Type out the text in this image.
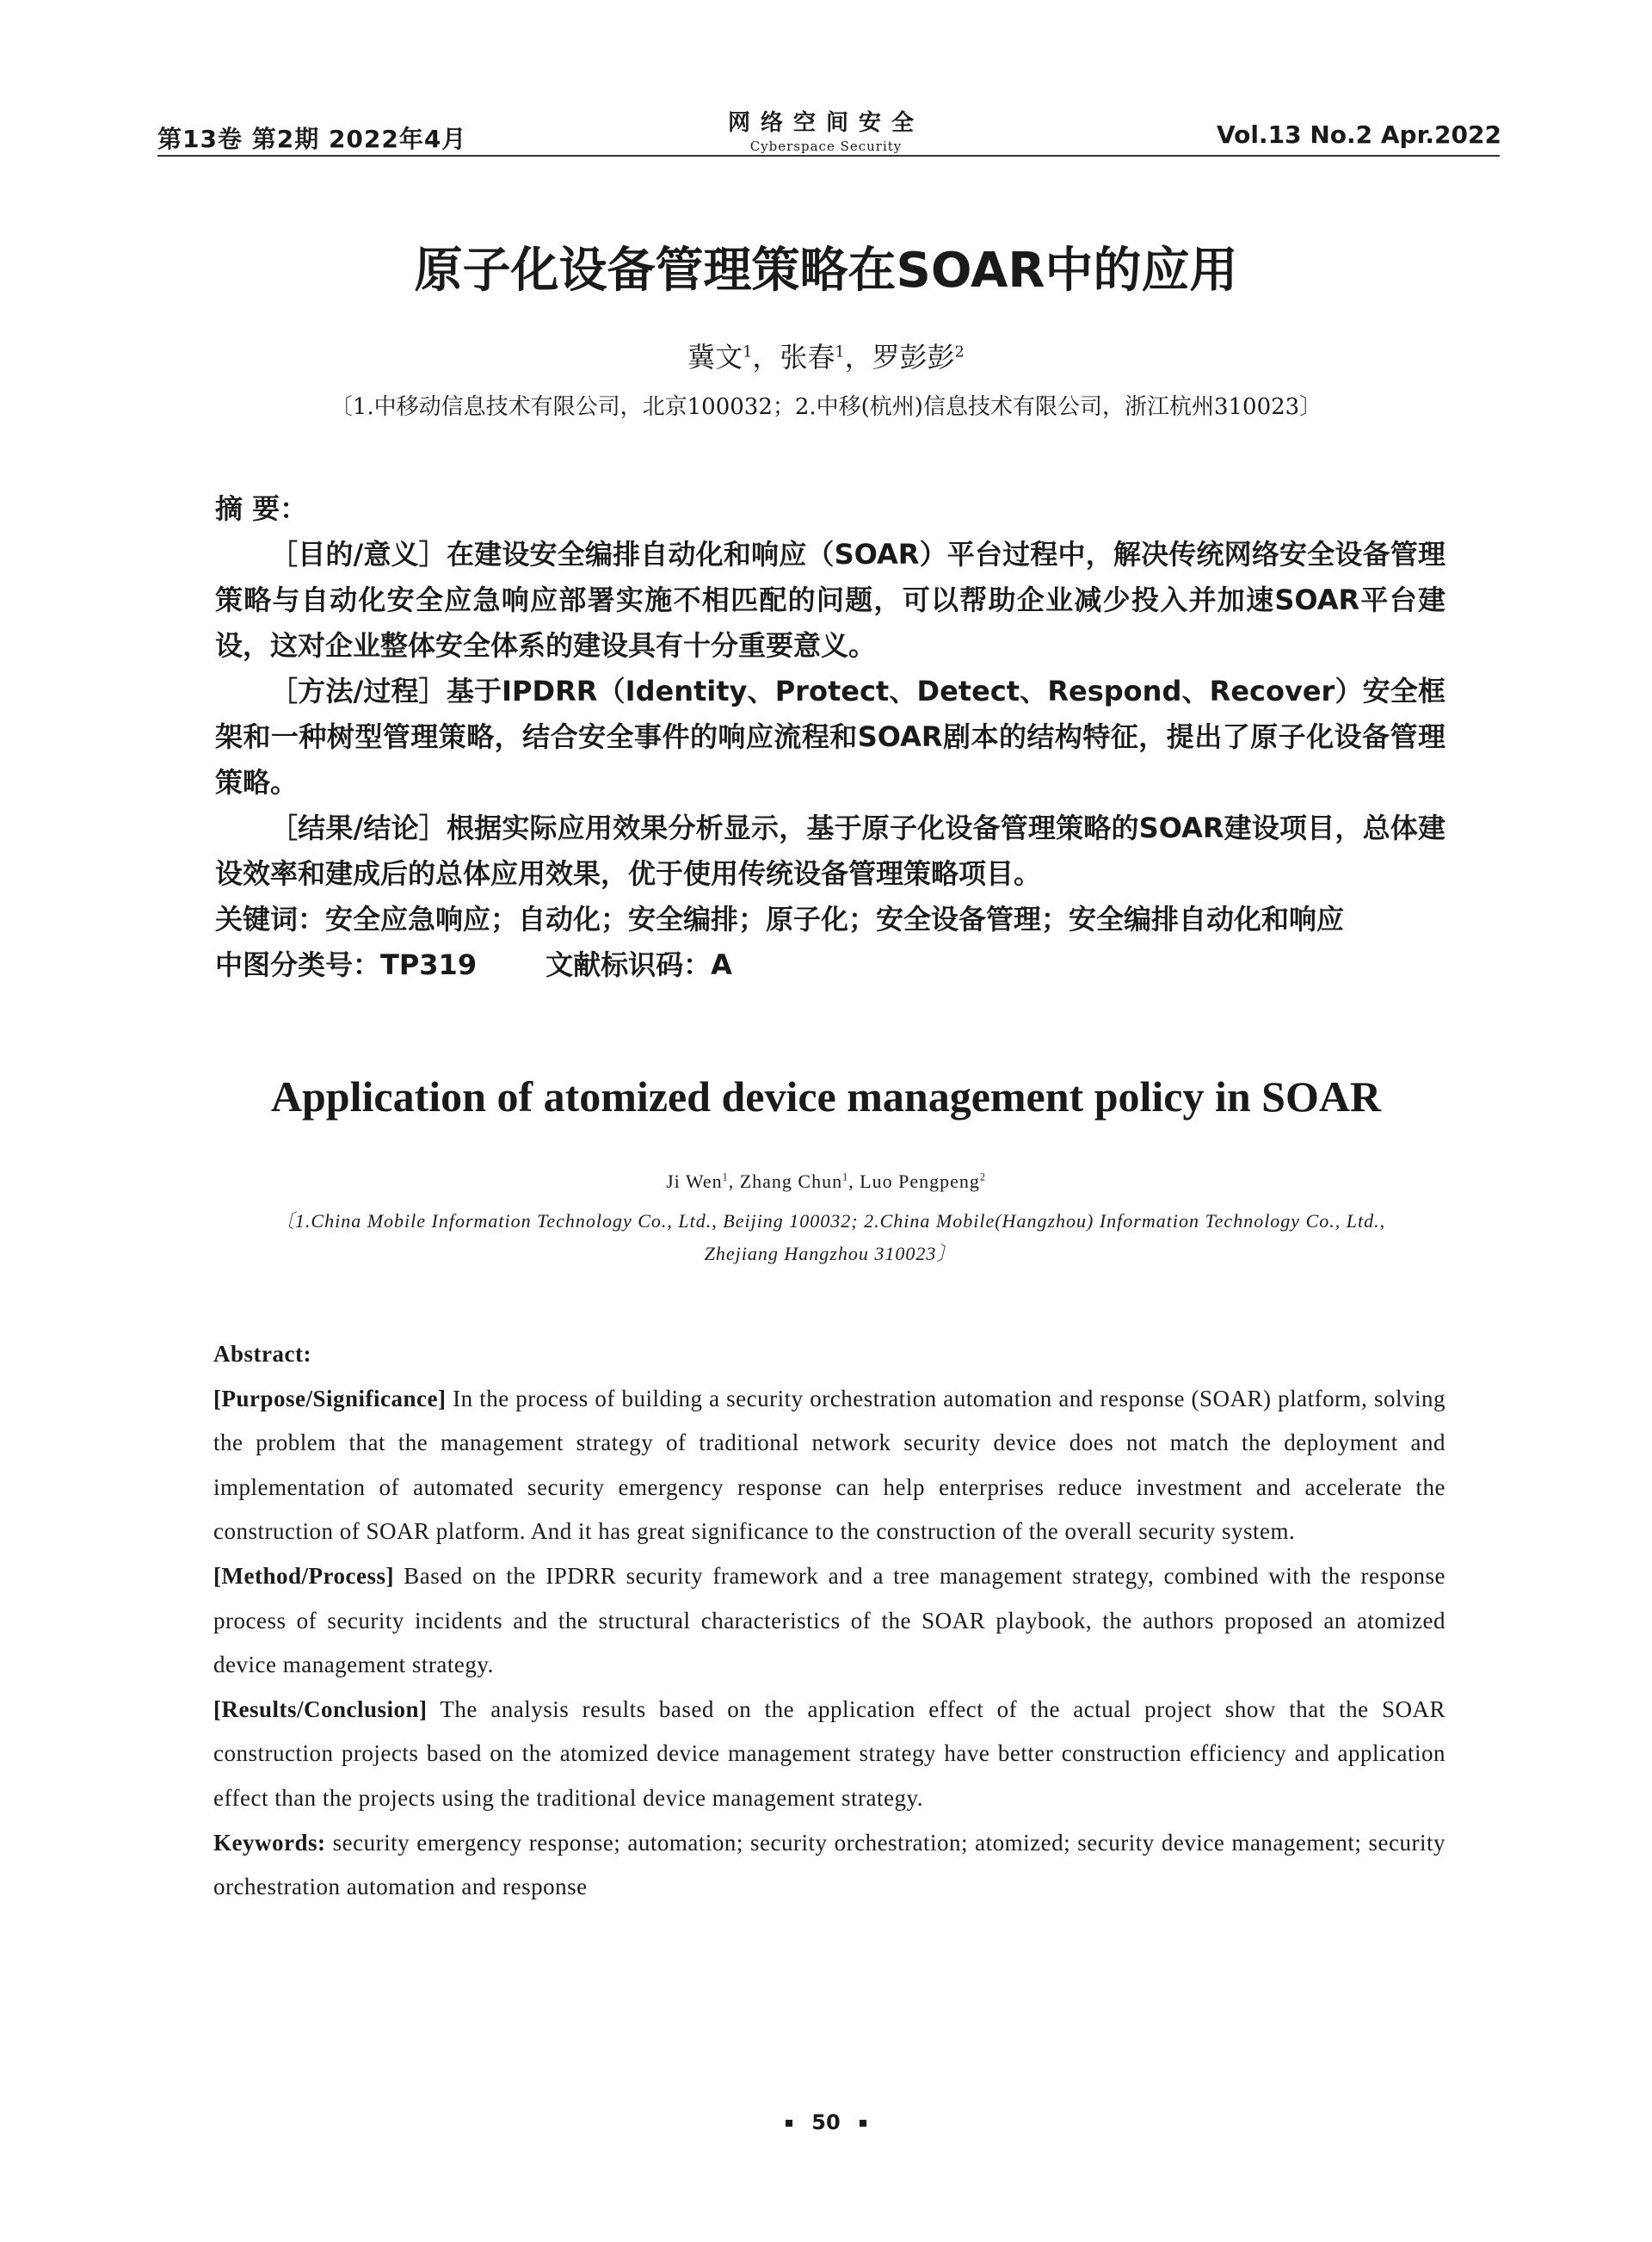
第13卷 第2期 2022年4月
网络空间安全
Cyberspace Security	Vol.13 No.2 Apr.2022
原子化设备管理策略在SOAR中的应用
冀文$^1$，张春$^1$，罗彭彭$^2$
〔1.中移动信息技术有限公司，北京100032；2.中移(杭州)信息技术有限公司，浙江杭州310023〕

摘 要：

［目的/意义］在建设安全编排自动化和响应（SOAR）平台过程中，解决传统网络安全设备管理策略与自动化安全应急响应部署实施不相匹配的问题，可以帮助企业减少投入并加速SOAR平台建设，这对企业整体安全体系的建设具有十分重要意义。

［方法/过程］基于IPDRR（Identity、Protect、Detect、Respond、Recover）安全框架和一种树型管理策略，结合安全事件的响应流程和SOAR剧本的结构特征，提出了原子化设备管理策略。

［结果/结论］根据实际应用效果分析显示，基于原子化设备管理策略的SOAR建设项目，总体建设效率和建成后的总体应用效果，优于使用传统设备管理策略项目。

关键词：安全应急响应；自动化；安全编排；原子化；安全设备管理；安全编排自动化和响应

中图分类号：TP319	文献标识码：A

Application of atomized device management policy in SOAR
Ji Wen$^1$, Zhang Chun$^1$, Luo Pengpeng$^2$
〔1.China Mobile Information Technology Co., Ltd., Beijing 100032; 2.China Mobile(Hangzhou) Information Technology Co., Ltd.,
Zhejiang Hangzhou 310023〕

Abstract:

[Purpose/Significance] In the process of building a security orchestration automation and response (SOAR) platform, solving the problem that the management strategy of traditional network security device does not match the deployment and implementation of automated security emergency response can help enterprises reduce investment and accelerate the construction of SOAR platform. And it has great significance to the construction of the overall security system.

[Method/Process] Based on the IPDRR security framework and a tree management strategy, combined with the response process of security incidents and the structural characteristics of the SOAR playbook, the authors proposed an atomized device management strategy.

[Results/Conclusion] The analysis results based on the application effect of the actual project show that the SOAR construction projects based on the atomized device management strategy have better construction efficiency and application effect than the projects using the traditional device management strategy.

Keywords: security emergency response; automation; security orchestration; atomized; security device management; security orchestration automation and response

50
